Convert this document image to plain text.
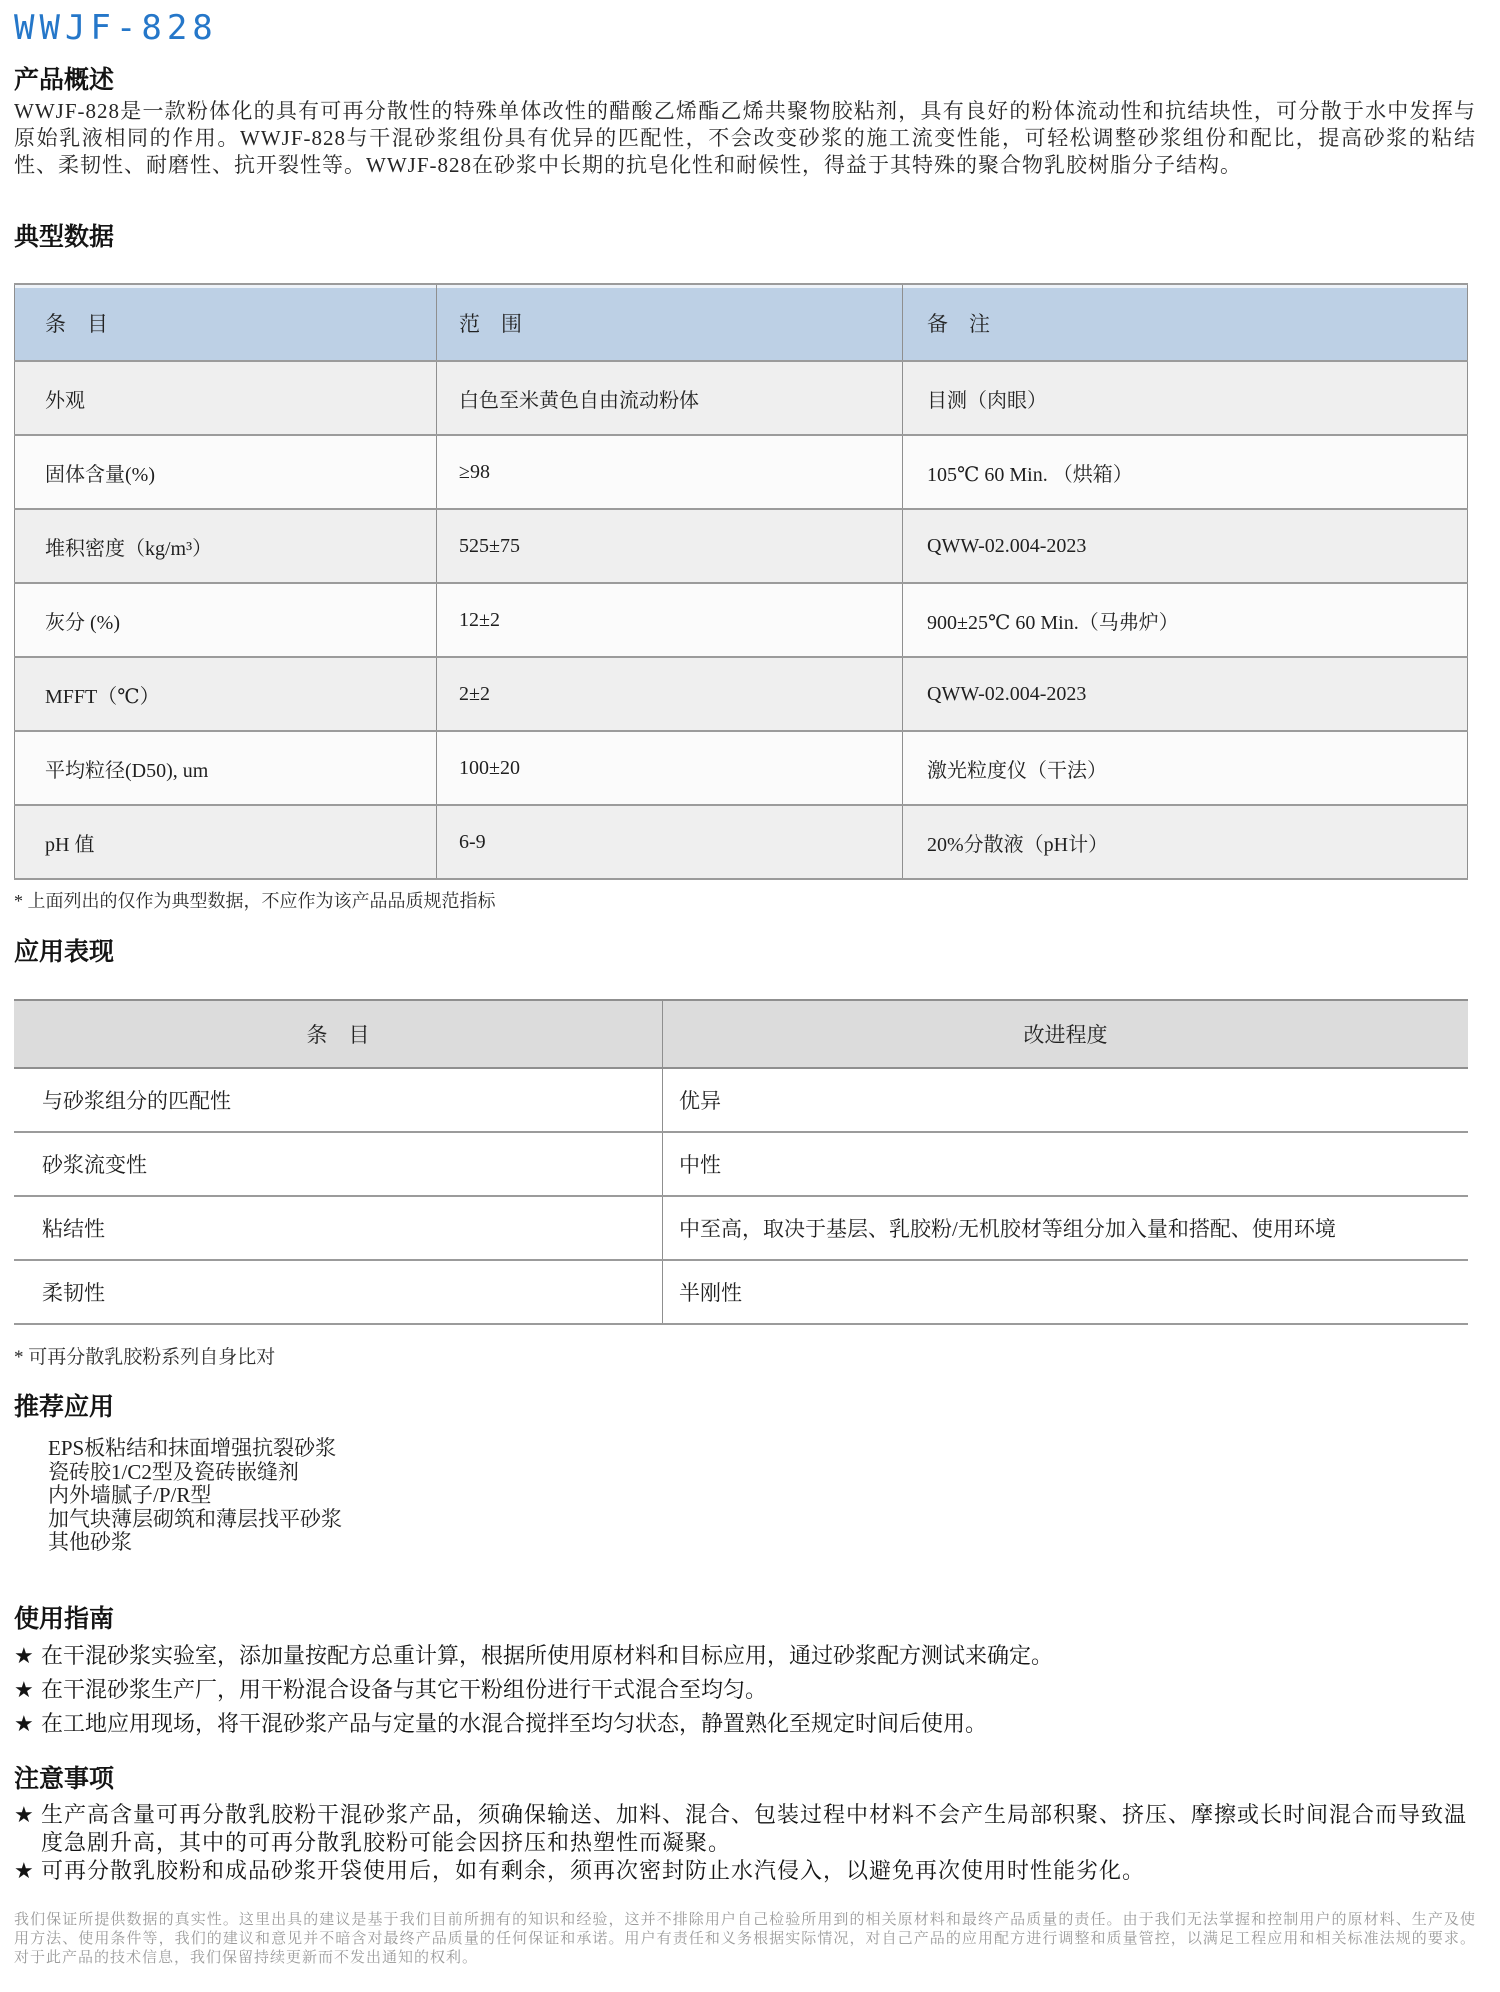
WWJF-828
产品概述

WWJF-828是一款粉体化的具有可再分散性的特殊单体改性的醋酸乙烯酯乙烯共聚物胶粘剂，具有良好的粉体流动性和抗结块性，可分散于水中发挥与原始乳液相同的作用。WWJF-828与干混砂浆组份具有优异的匹配性，不会改变砂浆的施工流变性能，可轻松调整砂浆组份和配比，提高砂浆的粘结性、柔韧性、耐磨性、抗开裂性等。WWJF-828在砂浆中长期的抗皂化性和耐候性，得益于其特殊的聚合物乳胶树脂分子结构。

典型数据
条　目	范　围	备　注
外观	白色至米黄色自由流动粉体	目测（肉眼）
固体含量(%)	≥98	105℃ 60 Min. （烘箱）
堆积密度（kg/m³）	525±75	QWW-02.004-2023
灰分 (%)	12±2	900±25℃ 60 Min.（马弗炉）
MFFT（℃）	2±2	QWW-02.004-2023
平均粒径(D50), um	100±20	激光粒度仪（干法）
pH 值	6-9	20%分散液（pH计）
* 上面列出的仅作为典型数据，不应作为该产品品质规范指标
应用表现
条　目	改进程度
与砂浆组分的匹配性	优异
砂浆流变性	中性
粘结性	中至高，取决于基层、乳胶粉/无机胶材等组分加入量和搭配、使用环境
柔韧性	半刚性
* 可再分散乳胶粉系列自身比对
推荐应用
EPS板粘结和抹面增强抗裂砂浆
瓷砖胶1/C2型及瓷砖嵌缝剂
内外墙腻子/P/R型
加气块薄层砌筑和薄层找平砂浆
其他砂浆
使用指南
★ 在干混砂浆实验室，添加量按配方总重计算，根据所使用原材料和目标应用，通过砂浆配方测试来确定。
★ 在干混砂浆生产厂，用干粉混合设备与其它干粉组份进行干式混合至均匀。
★ 在工地应用现场，将干混砂浆产品与定量的水混合搅拌至均匀状态，静置熟化至规定时间后使用。
注意事项
★ 生产高含量可再分散乳胶粉干混砂浆产品，须确保输送、加料、混合、包装过程中材料不会产生局部积聚、挤压、摩擦或长时间混合而导致温度急剧升高，其中的可再分散乳胶粉可能会因挤压和热塑性而凝聚。
★ 可再分散乳胶粉和成品砂浆开袋使用后，如有剩余，须再次密封防止水汽侵入，以避免再次使用时性能劣化。
我们保证所提供数据的真实性。这里出具的建议是基于我们目前所拥有的知识和经验，这并不排除用户自己检验所用到的相关原材料和最终产品质量的责任。由于我们无法掌握和控制用户的原材料、生产及使用方法、使用条件等，我们的建议和意见并不暗含对最终产品质量的任何保证和承诺。用户有责任和义务根据实际情况，对自己产品的应用配方进行调整和质量管控，以满足工程应用和相关标准法规的要求。对于此产品的技术信息，我们保留持续更新而不发出通知的权利。
